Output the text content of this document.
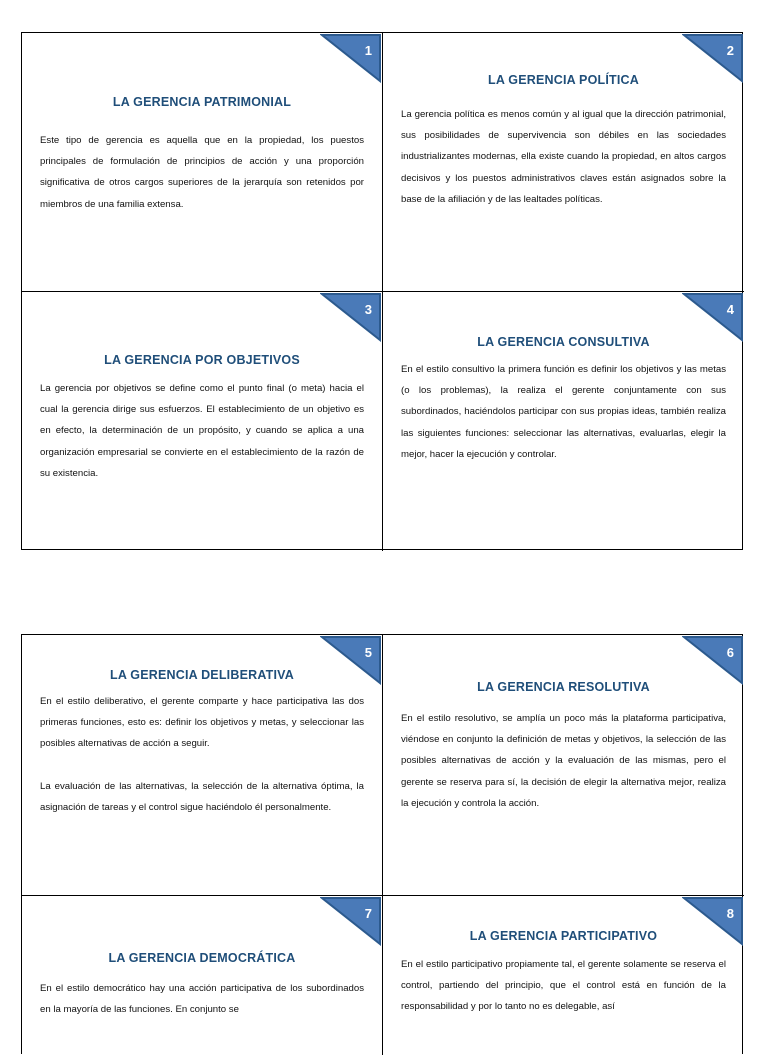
1
LA GERENCIA PATRIMONIAL

Este tipo de gerencia es aquella que en la propiedad, los puestos principales de formulación de principios de acción y una proporción significativa de otros cargos superiores de la jerarquía son retenidos por miembros de una familia extensa.

2
LA GERENCIA POLÍTICA

La gerencia política es menos común y al igual que la dirección patrimonial, sus posibilidades de supervivencia son débiles en las sociedades industrializantes modernas, ella existe cuando la propiedad, en altos cargos decisivos y los puestos administrativos claves están asignados sobre la base de la afiliación y de las lealtades políticas.

3
LA GERENCIA POR OBJETIVOS

La gerencia por objetivos se define como el punto final (o meta) hacia el cual la gerencia dirige sus esfuerzos. El establecimiento de un objetivo es en efecto, la determinación de un propósito, y cuando se aplica a una organización empresarial se convierte en el establecimiento de la razón de su existencia.

4
LA GERENCIA CONSULTIVA

En el estilo consultivo la primera función es definir los objetivos y las metas (o los problemas), la realiza el gerente conjuntamente con sus subordinados, haciéndolos participar con sus propias ideas, también realiza las siguientes funciones: seleccionar las alternativas, evaluarlas, elegir la mejor, hacer la ejecución y controlar.

5
LA GERENCIA DELIBERATIVA

En el estilo deliberativo, el gerente comparte y hace participativa las dos primeras funciones, esto es: definir los objetivos y metas, y seleccionar las posibles alternativas de acción a seguir.

La evaluación de las alternativas, la selección de la alternativa óptima, la asignación de tareas y el control sigue haciéndolo él personalmente.

6
LA GERENCIA RESOLUTIVA

En el estilo resolutivo, se amplía un poco más la plataforma participativa, viéndose en conjunto la definición de metas y objetivos, la selección de las posibles alternativas de acción y la evaluación de las mismas, pero el gerente se reserva para sí, la decisión de elegir la alternativa mejor, realiza la ejecución y controla la acción.

7
LA GERENCIA DEMOCRÁTICA

En el estilo democrático hay una acción participativa de los subordinados en la mayoría de las funciones. En conjunto se

8
LA GERENCIA PARTICIPATIVO

En el estilo participativo propiamente tal, el gerente solamente se reserva el control, partiendo del principio, que el control está en función de la responsabilidad y por lo tanto no es delegable, así
